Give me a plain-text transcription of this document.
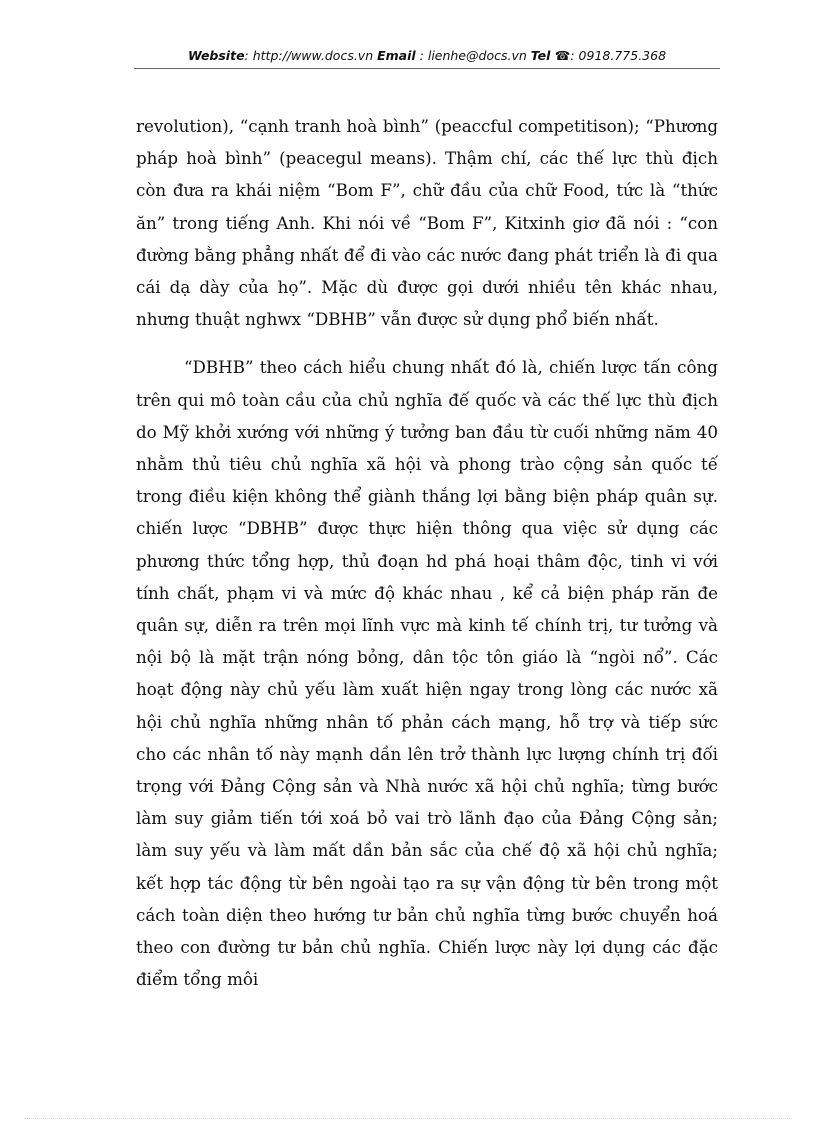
Website: http://www.docs.vn Email : lienhe@docs.vn Tel ☎: 0918.775.368

revolution), “cạnh tranh hoà bình” (peaccful competitison); “Phương pháp hoà bình” (peacegul means). Thậm chí, các thế lực thù địch còn đưa ra khái niệm “Bom F”, chữ đầu của chữ Food, tức là “thức ăn” trong tiếng Anh. Khi nói về “Bom F”, Kitxinh giơ đã nói : “con đường bằng phẳng nhất để đi vào các nước đang phát triển là đi qua cái dạ dày của họ”. Mặc dù được gọi dưới nhiều tên khác nhau, nhưng thuật nghwx “DBHB” vẫn được sử dụng phổ biến nhất.

“DBHB” theo cách hiểu chung nhất đó là, chiến lược tấn công trên qui mô toàn cầu của chủ nghĩa đế quốc và các thế lực thù địch do Mỹ khởi xướng với những ý tưởng ban đầu từ cuối những năm 40 nhằm thủ tiêu chủ nghĩa xã hội và phong trào cộng sản quốc tế trong điều kiện không thể giành thắng lợi bằng biện pháp quân sự. chiến lược “DBHB” được thực hiện thông qua việc sử dụng các phương thức tổng hợp, thủ đoạn hd phá hoại thâm độc, tinh vi với tính chất, phạm vi và mức độ khác nhau , kể cả biện pháp răn đe quân sự, diễn ra trên mọi lĩnh vực mà kinh tế chính trị, tư tưởng và nội bộ là mặt trận nóng bỏng, dân tộc tôn giáo là “ngòi nổ”. Các hoạt động này chủ yếu làm xuất hiện ngay trong lòng các nước xã hội chủ nghĩa những nhân tố phản cách mạng, hỗ trợ và tiếp sức cho các nhân tố này mạnh dần lên trở thành lực lượng chính trị đối trọng với Đảng Cộng sản và Nhà nước xã hội chủ nghĩa; từng bước làm suy giảm tiến tới xoá bỏ vai trò lãnh đạo của Đảng Cộng sản; làm suy yếu và làm mất dần bản sắc của chế độ xã hội chủ nghĩa; kết hợp tác động từ bên ngoài tạo ra sự vận động từ bên trong một cách toàn diện theo hướng tư bản chủ nghĩa từng bước chuyển hoá theo con đường tư bản chủ nghĩa. Chiến lược này lợi dụng các đặc điểm tổng môi
